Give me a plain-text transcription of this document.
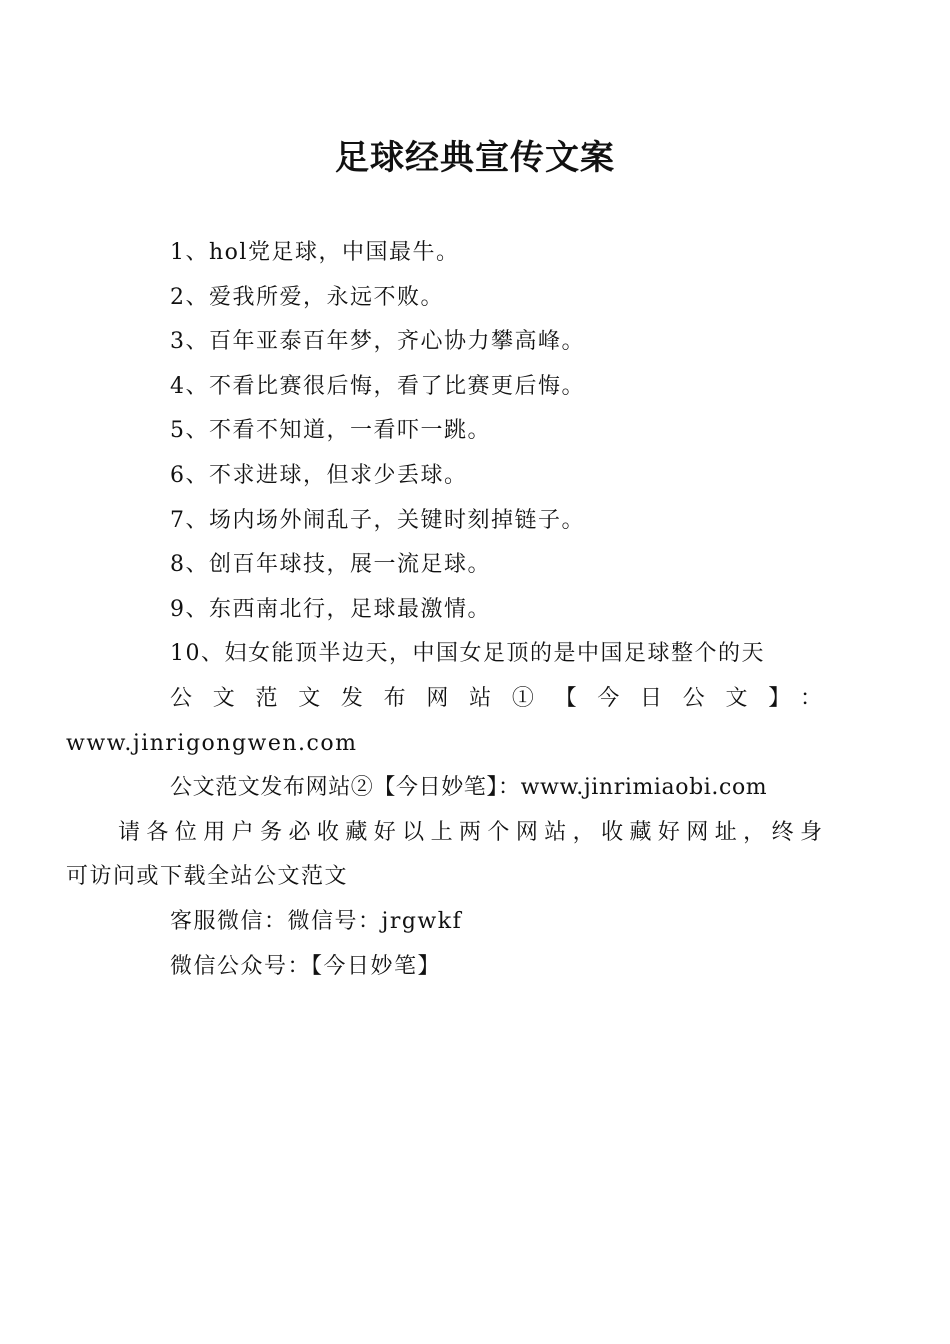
足球经典宣传文案

1、hol党足球，中国最牛。

2、爱我所爱，永远不败。

3、百年亚泰百年梦，齐心协力攀高峰。

4、不看比赛很后悔，看了比赛更后悔。

5、不看不知道，一看吓一跳。

6、不求进球，但求少丢球。

7、场内场外闹乱子，关键时刻掉链子。

8、创百年球技，展一流足球。

9、东西南北行，足球最激情。

10、妇女能顶半边天，中国女足顶的是中国足球整个的天

公文范文发布网站①【今日公文】：
www.jinrigongwen.com

公文范文发布网站②【今日妙笔】：www.jinrimiaobi.com

请各位用户务必收藏好以上两个网站，收藏好网址，终身
可访问或下载全站公文范文

客服微信：微信号：jrgwkf

微信公众号：【今日妙笔】
